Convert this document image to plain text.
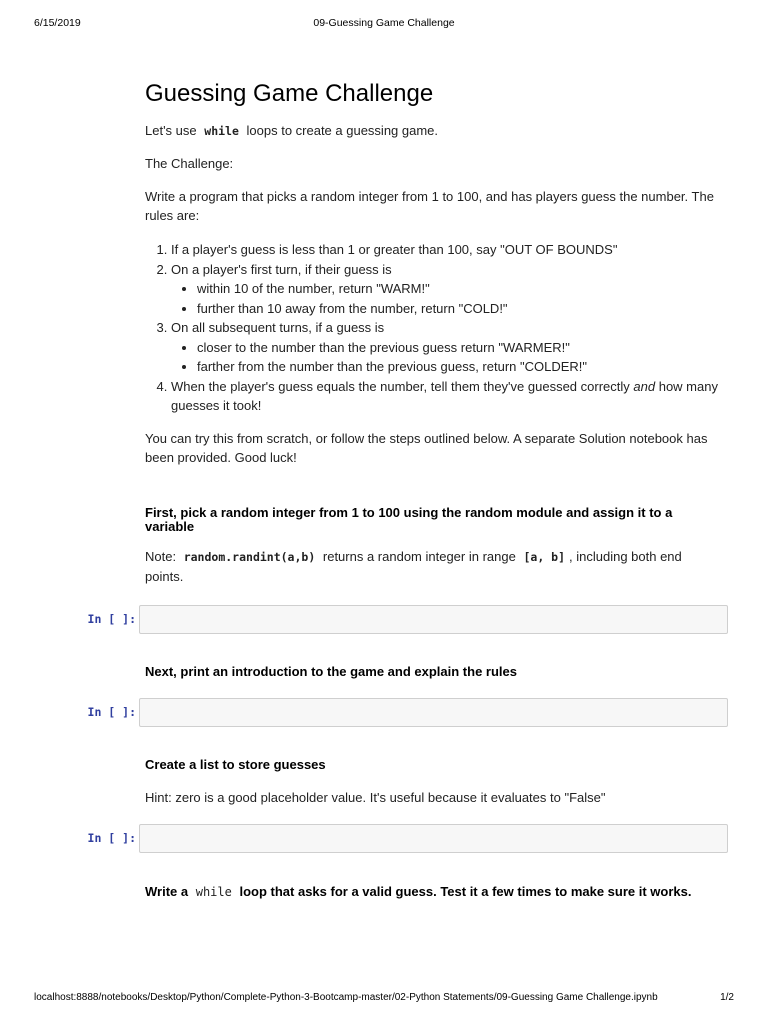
6/15/2019	09-Guessing Game Challenge
Guessing Game Challenge

Let's use while loops to create a guessing game.

The Challenge:

Write a program that picks a random integer from 1 to 100, and has players guess the number. The rules are:

1. If a player's guess is less than 1 or greater than 100, say "OUT OF BOUNDS"
2. On a player's first turn, if their guess is
• within 10 of the number, return "WARM!"
• further than 10 away from the number, return "COLD!"
3. On all subsequent turns, if a guess is
• closer to the number than the previous guess return "WARMER!"
• farther from the number than the previous guess, return "COLDER!"
4. When the player's guess equals the number, tell them they've guessed correctly and how many guesses it took!

You can try this from scratch, or follow the steps outlined below. A separate Solution notebook has been provided. Good luck!

First, pick a random integer from 1 to 100 using the random module and assign it to a variable

Note: random.randint(a,b) returns a random integer in range [a, b] , including both end points.

In [ ]:
Next, print an introduction to the game and explain the rules
In [ ]:
Create a list to store guesses

Hint: zero is a good placeholder value. It's useful because it evaluates to "False"

In [ ]:
Write a while loop that asks for a valid guess. Test it a few times to make sure it works.
localhost:8888/notebooks/Desktop/Python/Complete-Python-3-Bootcamp-master/02-Python Statements/09-Guessing Game Challenge.ipynb	1/2
